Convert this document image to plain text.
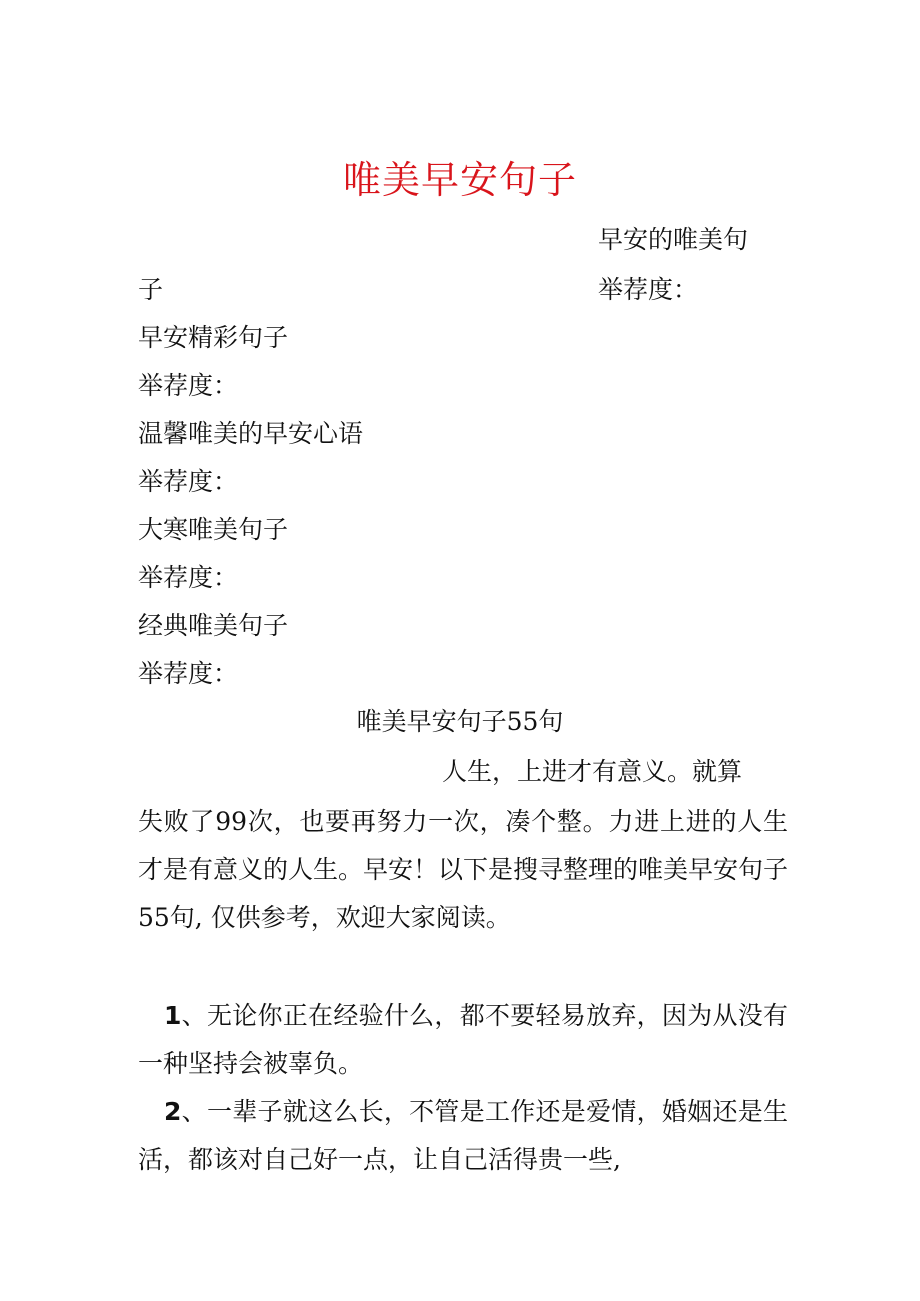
唯美早安句子
早安的唯美句
举荐度：
子
早安精彩句子
举荐度：
温馨唯美的早安心语
举荐度：
大寒唯美句子
举荐度：
经典唯美句子
举荐度：
唯美早安句子55句
人生，上进才有意义。就算
失败了99次，也要再努力一次，凑个整。力进上进的人生才是有意义的人生。早安！以下是搜寻整理的唯美早安句子55句, 仅供参考，欢迎大家阅读。
1、无论你正在经验什么，都不要轻易放弃，因为从没有一种坚持会被辜负。
2、一辈子就这么长，不管是工作还是爱情，婚姻还是生活，都该对自己好一点，让自己活得贵一些,
